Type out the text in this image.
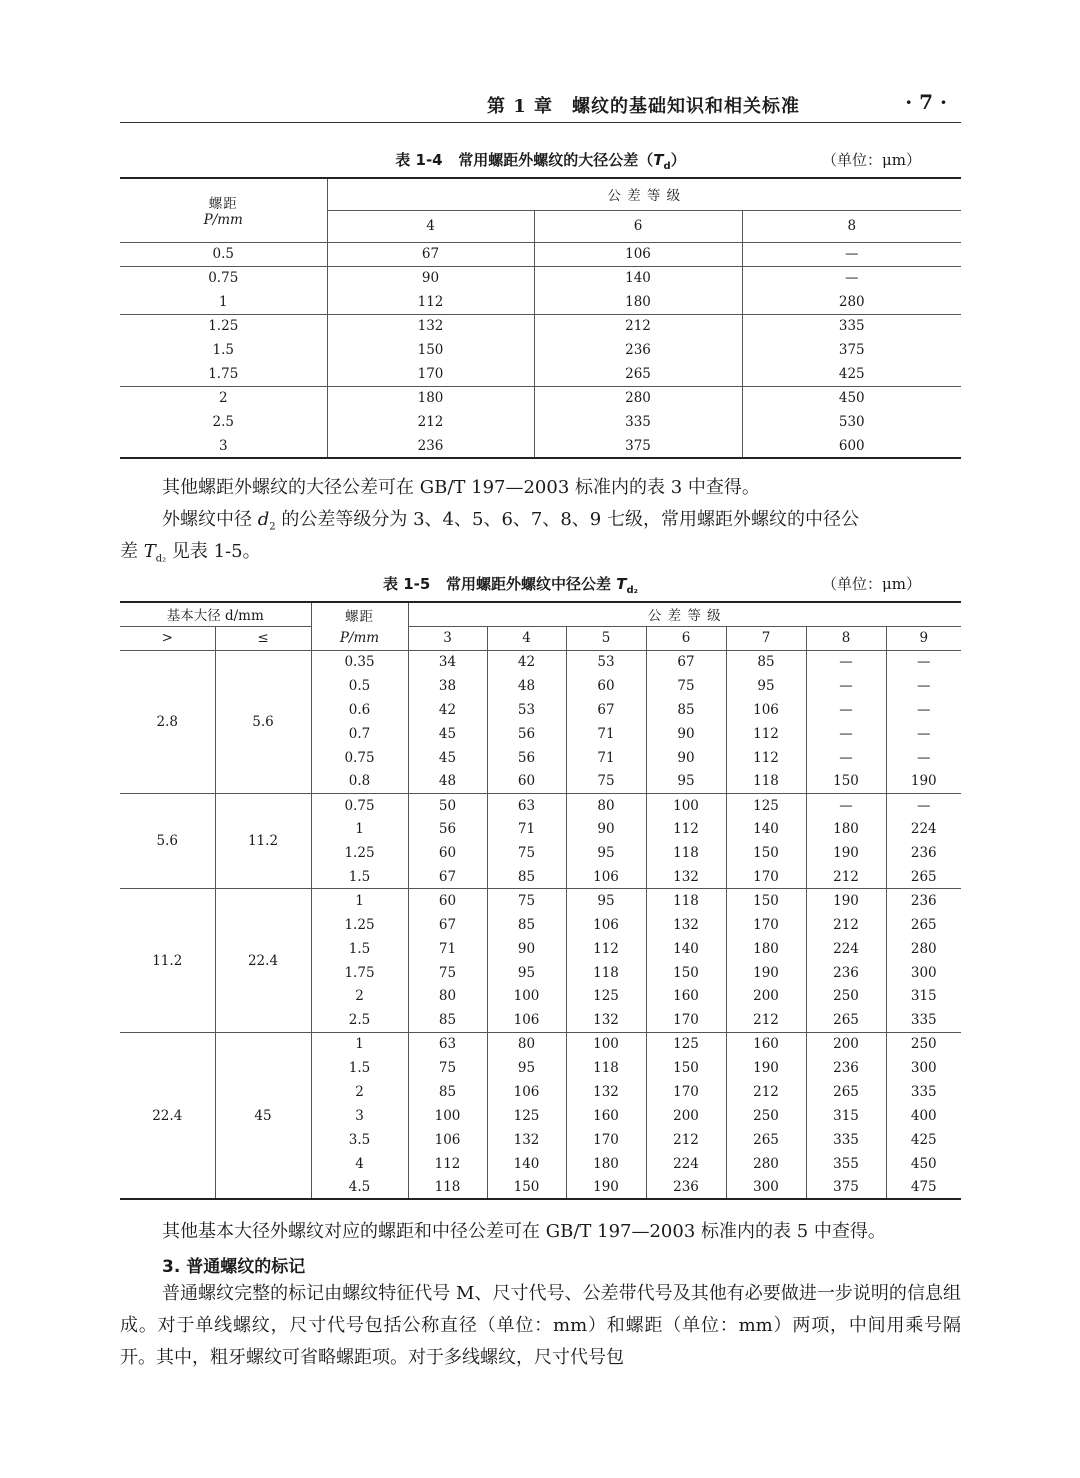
第 1 章　螺纹的基础知识和相关标准	· 7 ·
表 1-4 常用螺距外螺纹的大径公差$(T_d)$	（单位：μm）
螺距
P/mm	公 差 等 级		
	4	6	8
0.5	67	106	—
0.75	90	140	—
1	112	180	280
1.25	132	212	335
1.5	150	236	375
1.75	170	265	425
2	180	280	450
2.5	212	335	530
3	236	375	600
其他螺距外螺纹的大径公差可在 GB/T 197—2003 标准内的表 3 中查得。
外螺纹中径 $d_2$ 的公差等级分为 3、4、5、6、7、8、9 七级，常用螺距外螺纹的中径公
差 $T_{d_2}$ 见表 1-5。
表 1-5 常用螺距外螺纹中径公差 $T_{d_2}$	（单位：μm）
基本大径 d/mm		螺距	公 差 等 级						
>	≤	P/mm	3	4	5	6	7	8	9
2.8	5.6	0.35	34	42	53	67	85	—	—
		0.5	38	48	60	75	95	—	—
		0.6	42	53	67	85	106	—	—
		0.7	45	56	71	90	112	—	—
		0.75	45	56	71	90	112	—	—
		0.8	48	60	75	95	118	150	190
5.6	11.2	0.75	50	63	80	100	125	—	—
		1	56	71	90	112	140	180	224
		1.25	60	75	95	118	150	190	236
		1.5	67	85	106	132	170	212	265
11.2	22.4	1	60	75	95	118	150	190	236
		1.25	67	85	106	132	170	212	265
		1.5	71	90	112	140	180	224	280
		1.75	75	95	118	150	190	236	300
		2	80	100	125	160	200	250	315
		2.5	85	106	132	170	212	265	335
22.4	45	1	63	80	100	125	160	200	250
		1.5	75	95	118	150	190	236	300
		2	85	106	132	170	212	265	335
		3	100	125	160	200	250	315	400
		3.5	106	132	170	212	265	335	425
		4	112	140	180	224	280	355	450
		4.5	118	150	190	236	300	375	475
其他基本大径外螺纹对应的螺距和中径公差可在 GB/T 197—2003 标准内的表 5 中查得。
3. 普通螺纹的标记
普通螺纹完整的标记由螺纹特征代号 M、尺寸代号、公差带代号及其他有必要做进一步说明的信息组成。对于单线螺纹，尺寸代号包括公称直径（单位：mm）和螺距（单位：mm）两项，中间用乘号隔开。其中，粗牙螺纹可省略螺距项。对于多线螺纹，尺寸代号包
